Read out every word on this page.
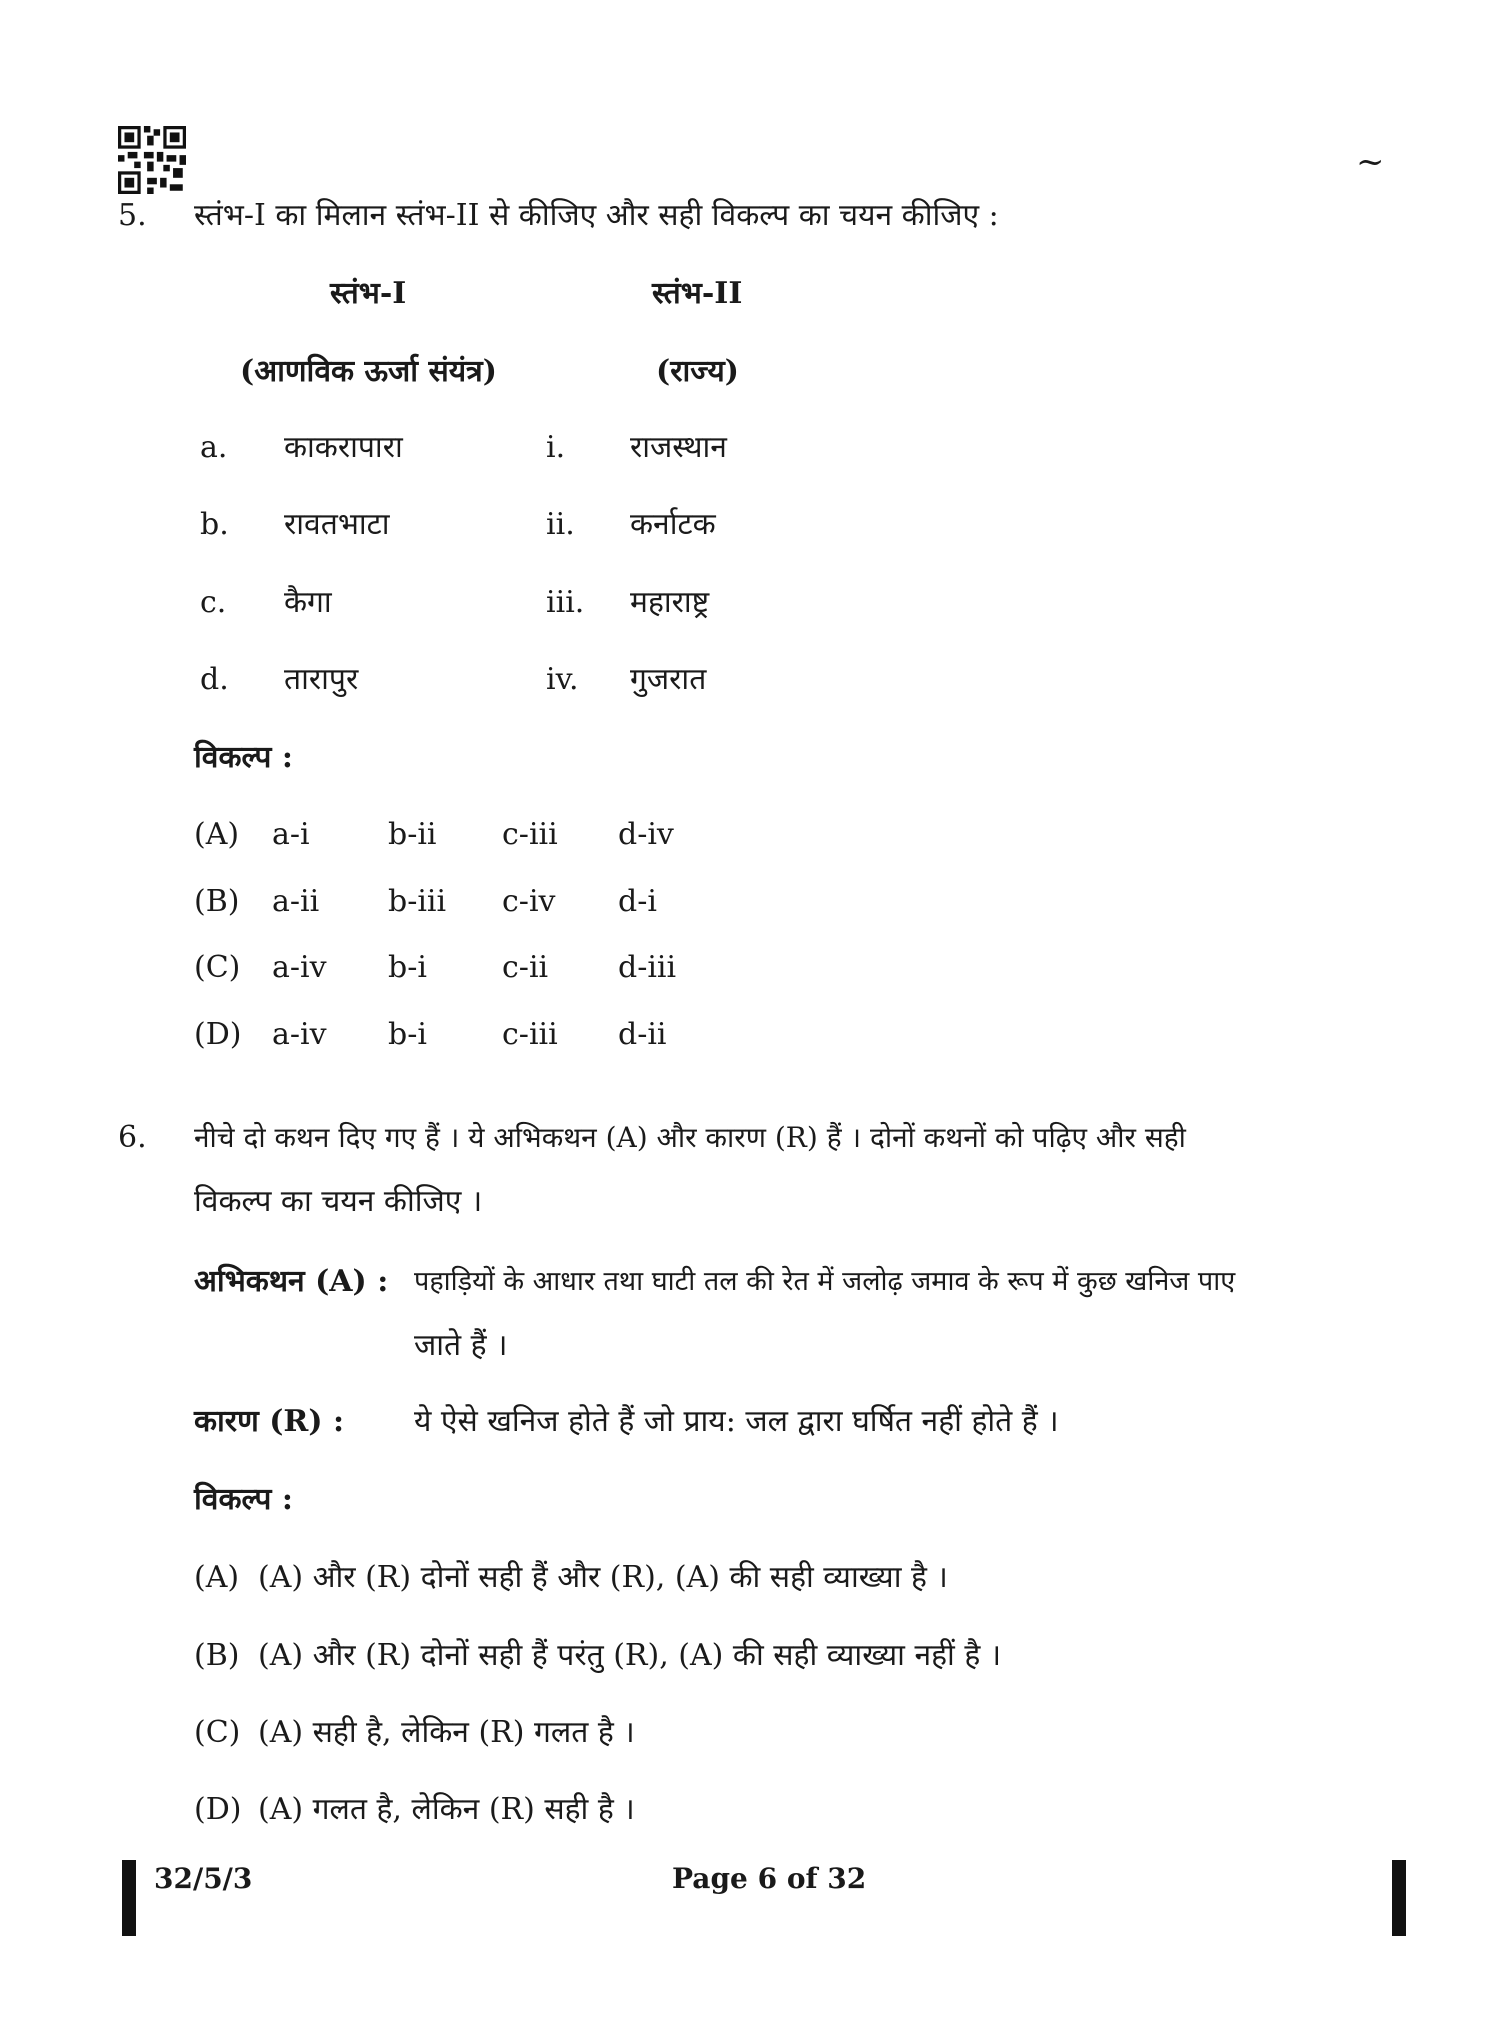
~
5. स्तंभ-I का मिलान स्तंभ-II से कीजिए और सही विकल्प का चयन कीजिए :
स्तंभ-I	स्तंभ-II
(आणविक ऊर्जा संयंत्र)	(राज्य)
a. काकरापारा	i. राजस्थान
b. रावतभाटा	ii. कर्नाटक
c. कैगा	iii. महाराष्ट्र
d. तारापुर	iv. गुजरात
विकल्प :
(A) a-i	b-ii c-iii d-iv
(B) a-ii b-iii c-iv d-i
(C) a-iv b-i	c-ii d-iii
(D) a-iv b-i	c-iii d-ii
6. नीचे दो कथन दिए गए हैं । ये अभिकथन (A) और कारण (R) हैं । दोनों कथनों को पढ़िए और सही
विकल्प का चयन कीजिए ।
अभिकथन (A) : पहाड़ियों के आधार तथा घाटी तल की रेत में जलोढ़ जमाव के रूप में कुछ खनिज पाए
जाते हैं ।
कारण (R) : ये ऐसे खनिज होते हैं जो प्राय: जल द्वारा घर्षित नहीं होते हैं ।
विकल्प :
(A) (A) और (R) दोनों सही हैं और (R), (A) की सही व्याख्या है ।
(B) (A) और (R) दोनों सही हैं परंतु (R), (A) की सही व्याख्या नहीं है ।
(C) (A) सही है, लेकिन (R) गलत है ।
(D) (A) गलत है, लेकिन (R) सही है ।
32/5/3	Page 6 of 32
